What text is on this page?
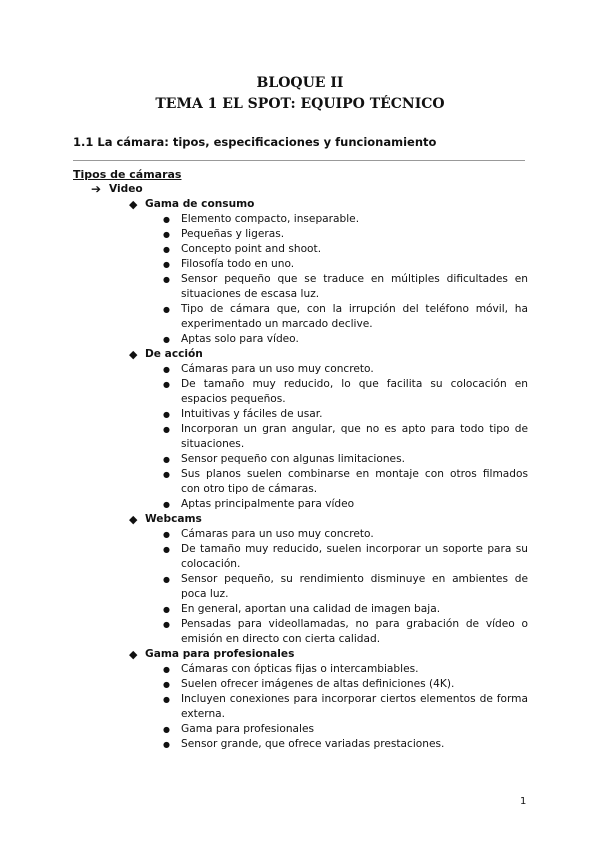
BLOQUE II
TEMA 1 EL SPOT: EQUIPO TÉCNICO
1.1 La cámara: tipos, especificaciones y funcionamiento
Tipos de cámaras
➔ Video
◆ Gama de consumo
● Elemento compacto, inseparable.
● Pequeñas y ligeras.
● Concepto point and shoot.
● Filosofía todo en uno.
● Sensor pequeño que se traduce en múltiples dificultades en situaciones de escasa luz.
● Tipo de cámara que, con la irrupción del teléfono móvil, ha experimentado un marcado declive.
● Aptas solo para vídeo.
◆ De acción
● Cámaras para un uso muy concreto.
● De tamaño muy reducido, lo que facilita su colocación en espacios pequeños.
● Intuitivas y fáciles de usar.
● Incorporan un gran angular, que no es apto para todo tipo de situaciones.
● Sensor pequeño con algunas limitaciones.
● Sus planos suelen combinarse en montaje con otros filmados con otro tipo de cámaras.
● Aptas principalmente para vídeo
◆ Webcams
● Cámaras para un uso muy concreto.
● De tamaño muy reducido, suelen incorporar un soporte para su colocación.
● Sensor pequeño, su rendimiento disminuye en ambientes de poca luz.
● En general, aportan una calidad de imagen baja.
● Pensadas para videollamadas, no para grabación de vídeo o emisión en directo con cierta calidad.
◆ Gama para profesionales
● Cámaras con ópticas fijas o intercambiables.
● Suelen ofrecer imágenes de altas definiciones (4K).
● Incluyen conexiones para incorporar ciertos elementos de forma externa.
● Gama para profesionales
● Sensor grande, que ofrece variadas prestaciones.
1
